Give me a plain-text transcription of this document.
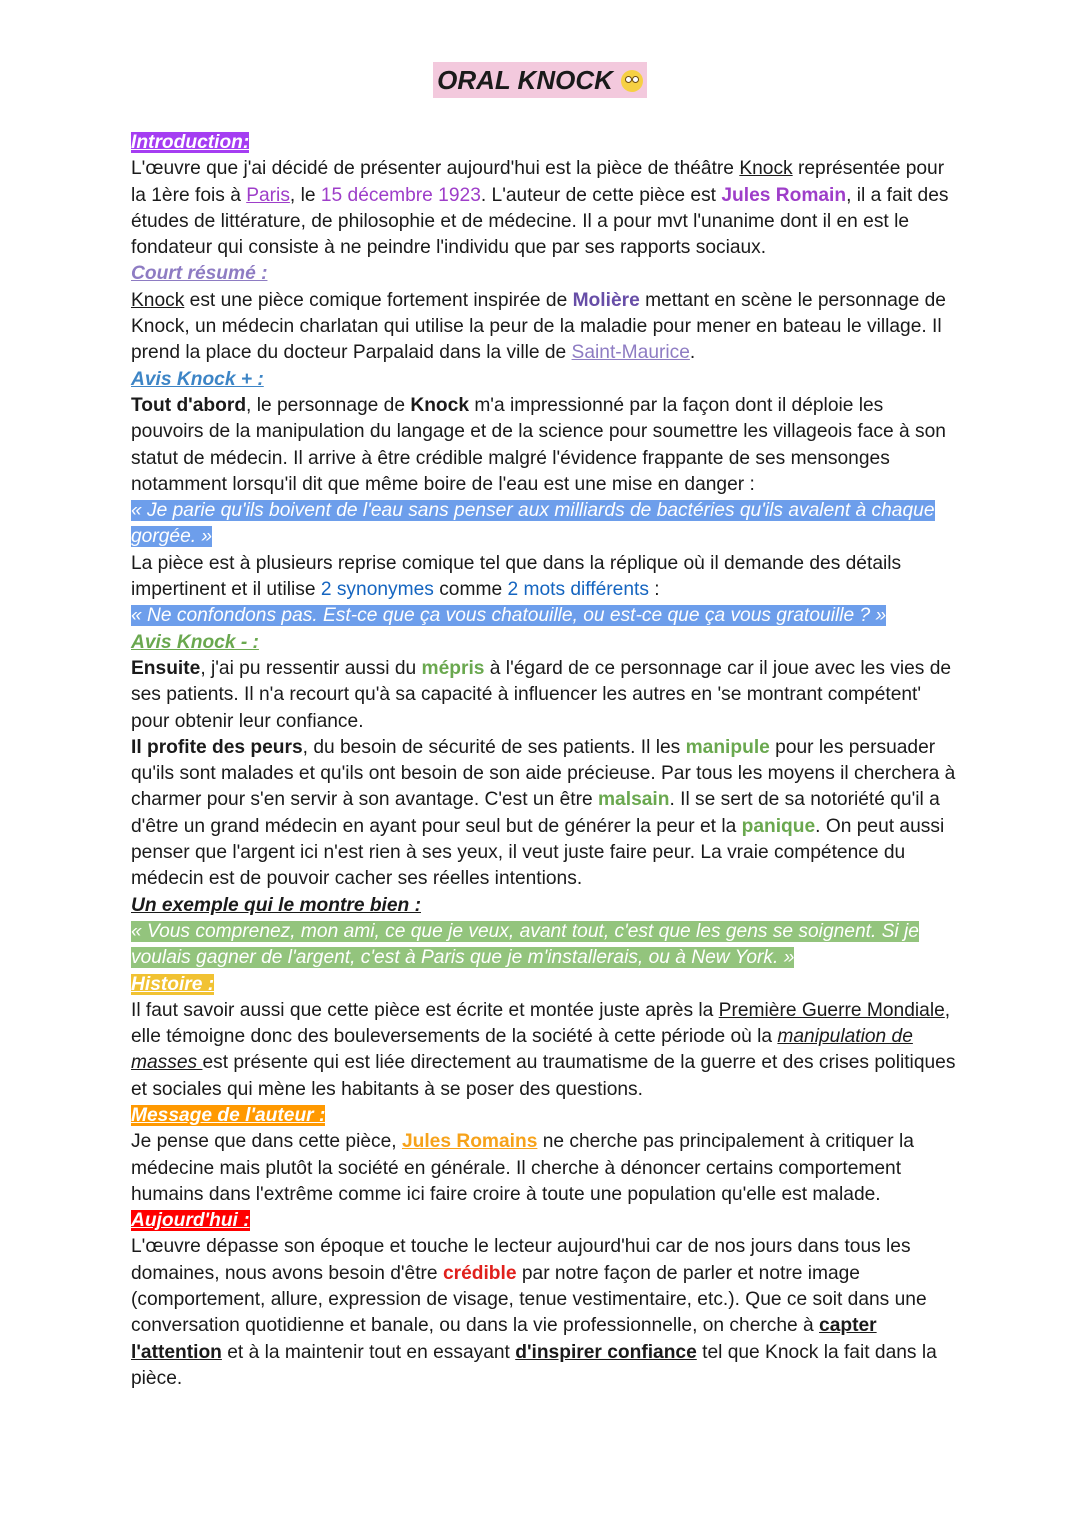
ORAL KNOCK

Introduction:

L'œuvre que j'ai décidé de présenter aujourd'hui est la pièce de théâtre Knock représentée pour la 1ère fois à Paris, le 15 décembre 1923. L'auteur de cette pièce est Jules Romain, il a fait des études de littérature, de philosophie et de médecine. Il a pour mvt l'unanime dont il en est le fondateur qui consiste à ne peindre l'individu que par ses rapports sociaux.

Court résumé :

Knock est une pièce comique fortement inspirée de Molière mettant en scène le personnage de Knock, un médecin charlatan qui utilise la peur de la maladie pour mener en bateau le village. Il prend la place du docteur Parpalaid dans la ville de Saint-Maurice.

Avis Knock + :

Tout d'abord, le personnage de Knock m'a impressionné par la façon dont il déploie les pouvoirs de la manipulation du langage et de la science pour soumettre les villageois face à son statut de médecin. Il arrive à être crédible malgré l'évidence frappante de ses mensonges notamment lorsqu'il dit que même boire de l'eau est une mise en danger :

« Je parie qu'ils boivent de l'eau sans penser aux milliards de bactéries qu'ils avalent à chaque gorgée. »

La pièce est à plusieurs reprise comique tel que dans la réplique où il demande des détails impertinent et il utilise 2 synonymes comme 2 mots différents :

« Ne confondons pas. Est-ce que ça vous chatouille, ou est-ce que ça vous gratouille ? »

Avis Knock - :

Ensuite, j'ai pu ressentir aussi du mépris à l'égard de ce personnage car il joue avec les vies de ses patients. Il n'a recourt qu'à sa capacité à influencer les autres en 'se montrant compétent' pour obtenir leur confiance.

Il profite des peurs, du besoin de sécurité de ses patients. Il les manipule pour les persuader qu'ils sont malades et qu'ils ont besoin de son aide précieuse. Par tous les moyens il cherchera à charmer pour s'en servir à son avantage. C'est un être malsain. Il se sert de sa notoriété qu'il a d'être un grand médecin en ayant pour seul but de générer la peur et la panique. On peut aussi penser que l'argent ici n'est rien à ses yeux, il veut juste faire peur. La vraie compétence du médecin est de pouvoir cacher ses réelles intentions.

Un exemple qui le montre bien :

« Vous comprenez, mon ami, ce que je veux, avant tout, c'est que les gens se soignent. Si je voulais gagner de l'argent, c'est à Paris que je m'installerais, ou à New York. »

Histoire :

Il faut savoir aussi que cette pièce est écrite et montée juste après la Première Guerre Mondiale, elle témoigne donc des bouleversements de la société à cette période où la manipulation de masses est présente qui est liée directement au traumatisme de la guerre et des crises politiques et sociales qui mène les habitants à se poser des questions.

Message de l'auteur :

Je pense que dans cette pièce, Jules Romains ne cherche pas principalement à critiquer la médecine mais plutôt la société en générale. Il cherche à dénoncer certains comportement humains dans l'extrême comme ici faire croire à toute une population qu'elle est malade.

Aujourd'hui :

L'œuvre dépasse son époque et touche le lecteur aujourd'hui car de nos jours dans tous les domaines, nous avons besoin d'être crédible par notre façon de parler et notre image (comportement, allure, expression de visage, tenue vestimentaire, etc.). Que ce soit dans une conversation quotidienne et banale, ou dans la vie professionnelle, on cherche à capter l'attention et à la maintenir tout en essayant d'inspirer confiance tel que Knock la fait dans la pièce.
